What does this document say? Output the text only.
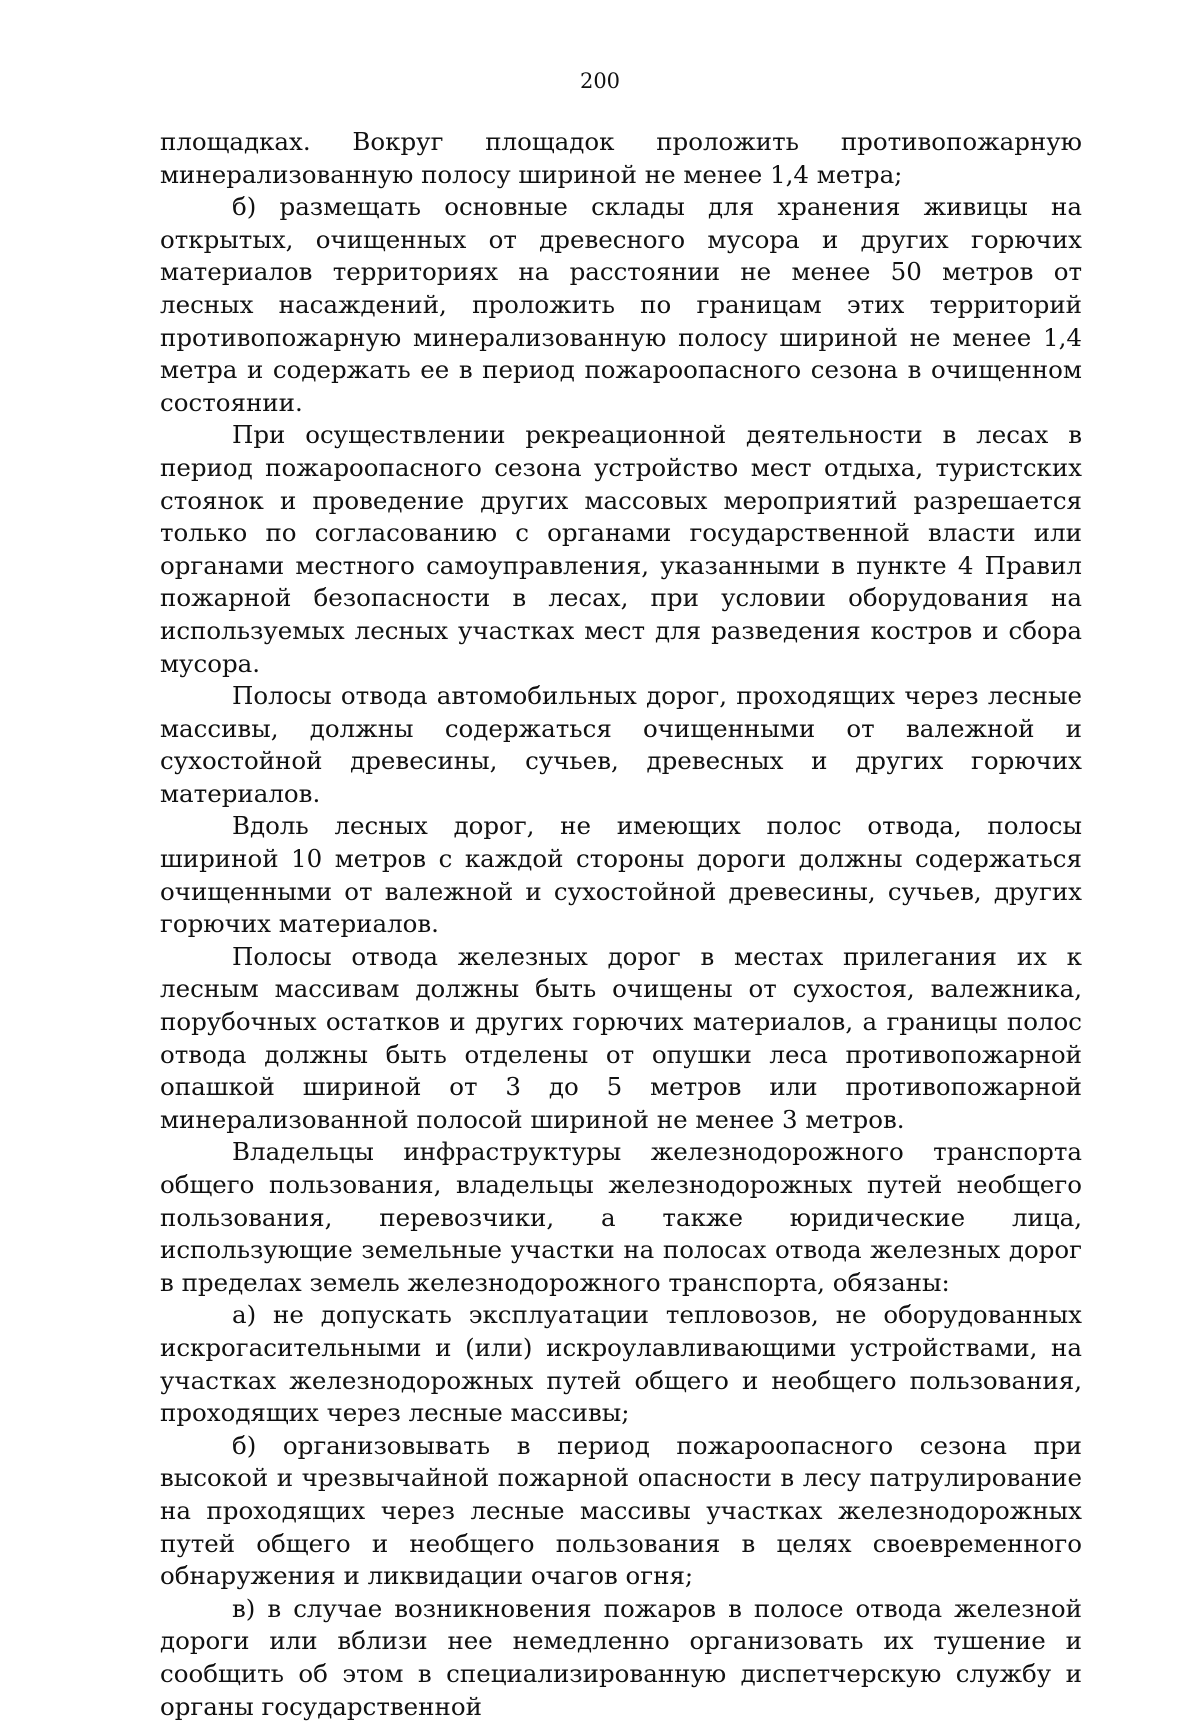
200

площадках. Вокруг площадок проложить противопожарную минерализованную полосу шириной не менее 1,4 метра;

б) размещать основные склады для хранения живицы на открытых, очищенных от древесного мусора и других горючих материалов территориях на расстоянии не менее 50 метров от лесных насаждений, проложить по границам этих территорий противопожарную минерализованную полосу шириной не менее 1,4 метра и содержать ее в период пожароопасного сезона в очищенном состоянии.

При осуществлении рекреационной деятельности в лесах в период пожароопасного сезона устройство мест отдыха, туристских стоянок и проведение других массовых мероприятий разрешается только по согласованию с органами государственной власти или органами местного самоуправления, указанными в пункте 4 Правил пожарной безопасности в лесах, при условии оборудования на используемых лесных участках мест для разведения костров и сбора мусора.

Полосы отвода автомобильных дорог, проходящих через лесные массивы, должны содержаться очищенными от валежной и сухостойной древесины, сучьев, древесных и других горючих материалов.

Вдоль лесных дорог, не имеющих полос отвода, полосы шириной 10 метров с каждой стороны дороги должны содержаться очищенными от валежной и сухостойной древесины, сучьев, других горючих материалов.

Полосы отвода железных дорог в местах прилегания их к лесным массивам должны быть очищены от сухостоя, валежника, порубочных остатков и других горючих материалов, а границы полос отвода должны быть отделены от опушки леса противопожарной опашкой шириной от 3 до 5 метров или противопожарной минерализованной полосой шириной не менее 3 метров.

Владельцы инфраструктуры железнодорожного транспорта общего пользования, владельцы железнодорожных путей необщего пользования, перевозчики, а также юридические лица, использующие земельные участки на полосах отвода железных дорог в пределах земель железнодорожного транспорта, обязаны:

а) не допускать эксплуатации тепловозов, не оборудованных искрогасительными и (или) искроулавливающими устройствами, на участках железнодорожных путей общего и необщего пользования, проходящих через лесные массивы;

б) организовывать в период пожароопасного сезона при высокой и чрезвычайной пожарной опасности в лесу патрулирование на проходящих через лесные массивы участках железнодорожных путей общего и необщего пользования в целях своевременного обнаружения и ликвидации очагов огня;

в) в случае возникновения пожаров в полосе отвода железной дороги или вблизи нее немедленно организовать их тушение и сообщить об этом в специализированную диспетчерскую службу и органы государственной
